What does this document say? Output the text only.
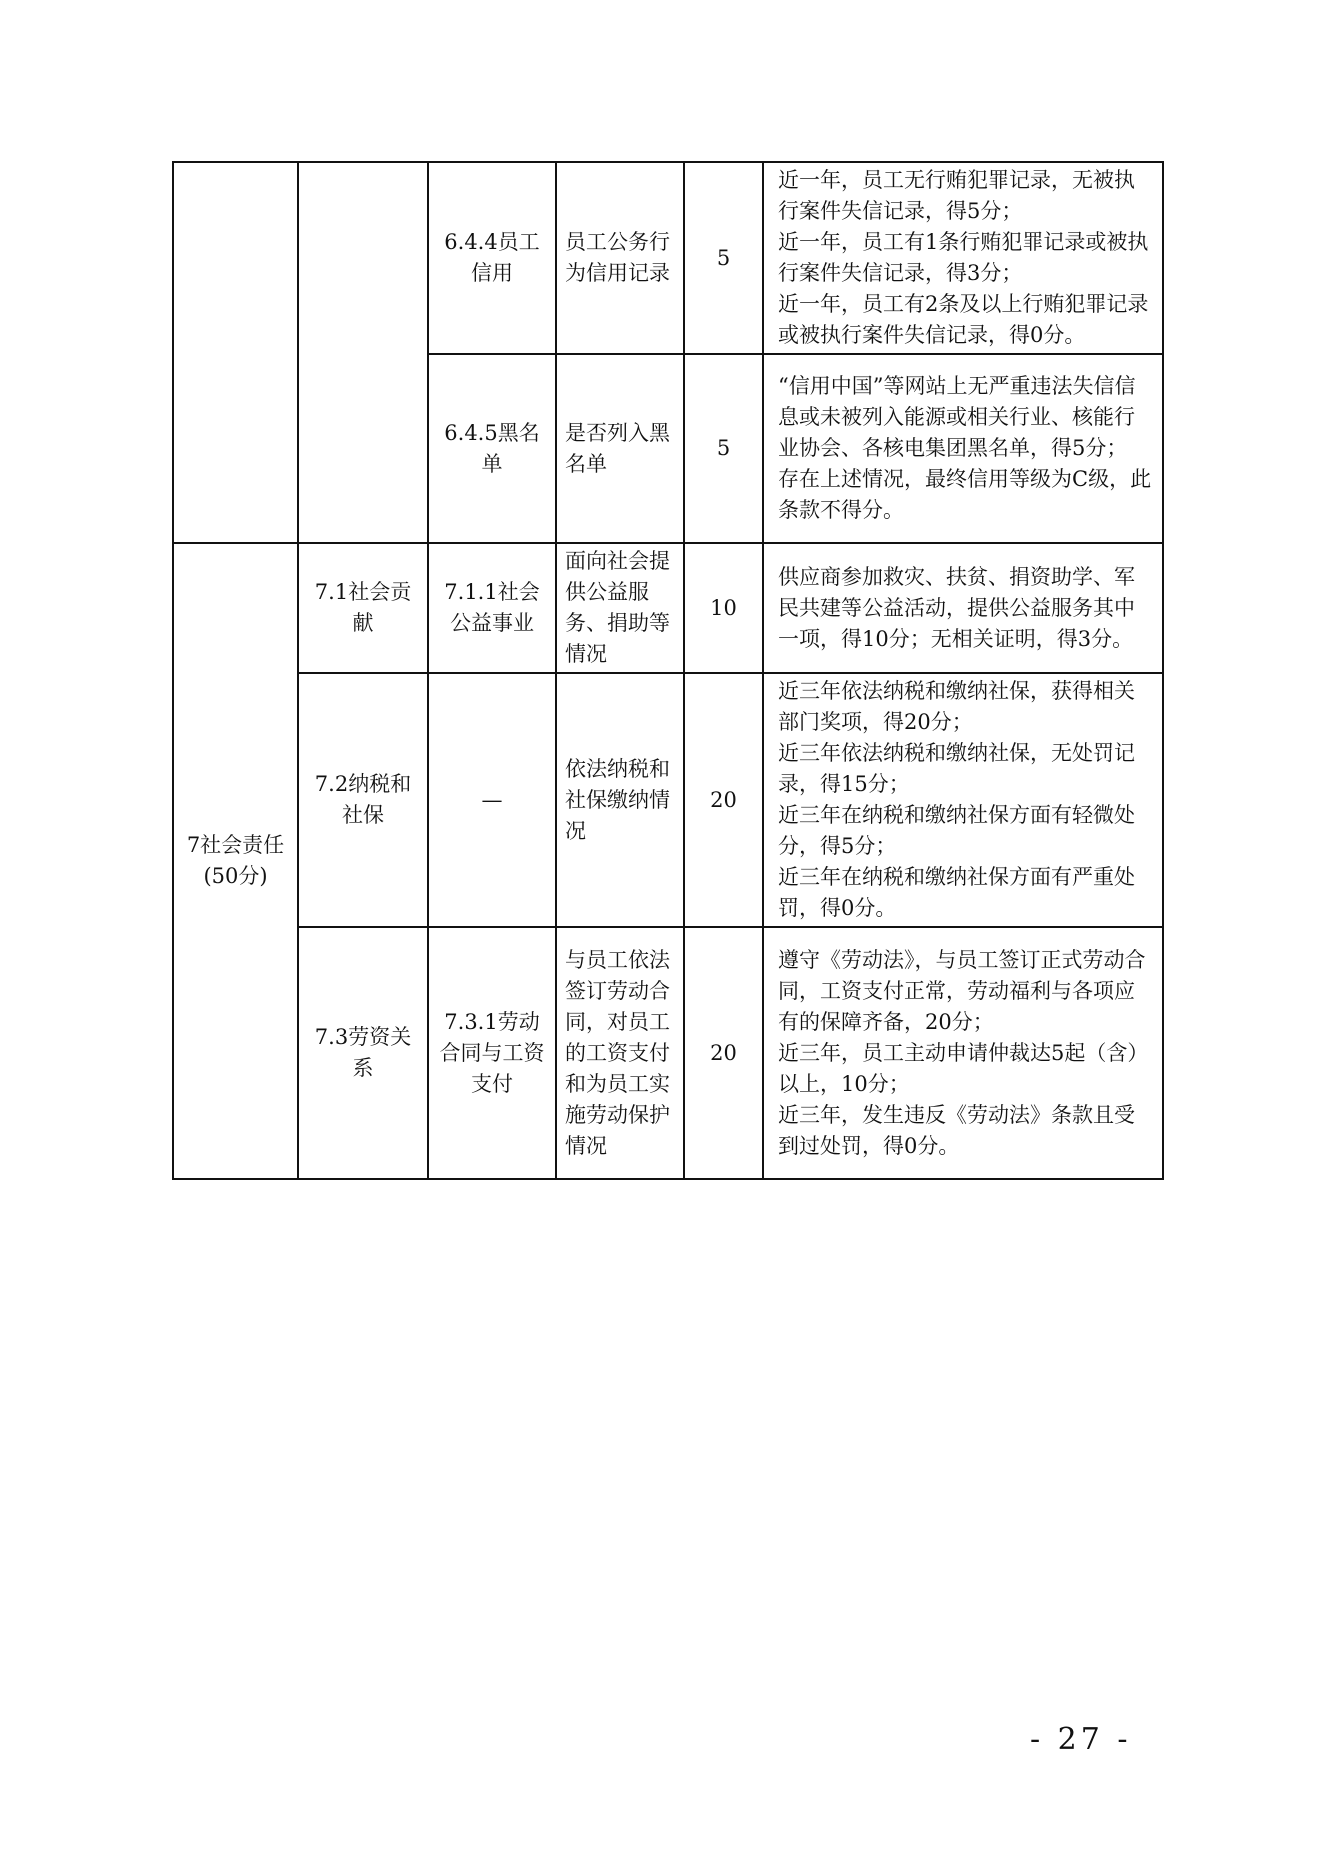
		6.4.4员工信用	员工公务行为信用记录	5	近一年，员工无行贿犯罪记录，无被执行案件失信记录，得5分；
近一年，员工有1条行贿犯罪记录或被执行案件失信记录，得3分；
近一年，员工有2条及以上行贿犯罪记录或被执行案件失信记录，得0分。
		6.4.5黑名单	是否列入黑名单	5	“信用中国”等网站上无严重违法失信信息或未被列入能源或相关行业、核能行业协会、各核电集团黑名单，得5分；
存在上述情况，最终信用等级为C级，此条款不得分。
7社会责任(50分)	7.1社会贡献	7.1.1社会公益事业	面向社会提供公益服务、捐助等情况	10	供应商参加救灾、扶贫、捐资助学、军民共建等公益活动，提供公益服务其中一项，得10分；无相关证明，得3分。
	7.2纳税和社保	—	依法纳税和社保缴纳情况	20	近三年依法纳税和缴纳社保，获得相关部门奖项，得20分；
近三年依法纳税和缴纳社保，无处罚记录，得15分；
近三年在纳税和缴纳社保方面有轻微处分，得5分；
近三年在纳税和缴纳社保方面有严重处罚，得0分。
	7.3劳资关系	7.3.1劳动合同与工资支付	与员工依法签订劳动合同，对员工的工资支付和为员工实施劳动保护情况	20	遵守《劳动法》，与员工签订正式劳动合同，工资支付正常，劳动福利与各项应有的保障齐备，20分；
近三年，员工主动申请仲裁达5起（含）以上，10分；
近三年，发生违反《劳动法》条款且受到过处罚，得0分。
- 27 -
